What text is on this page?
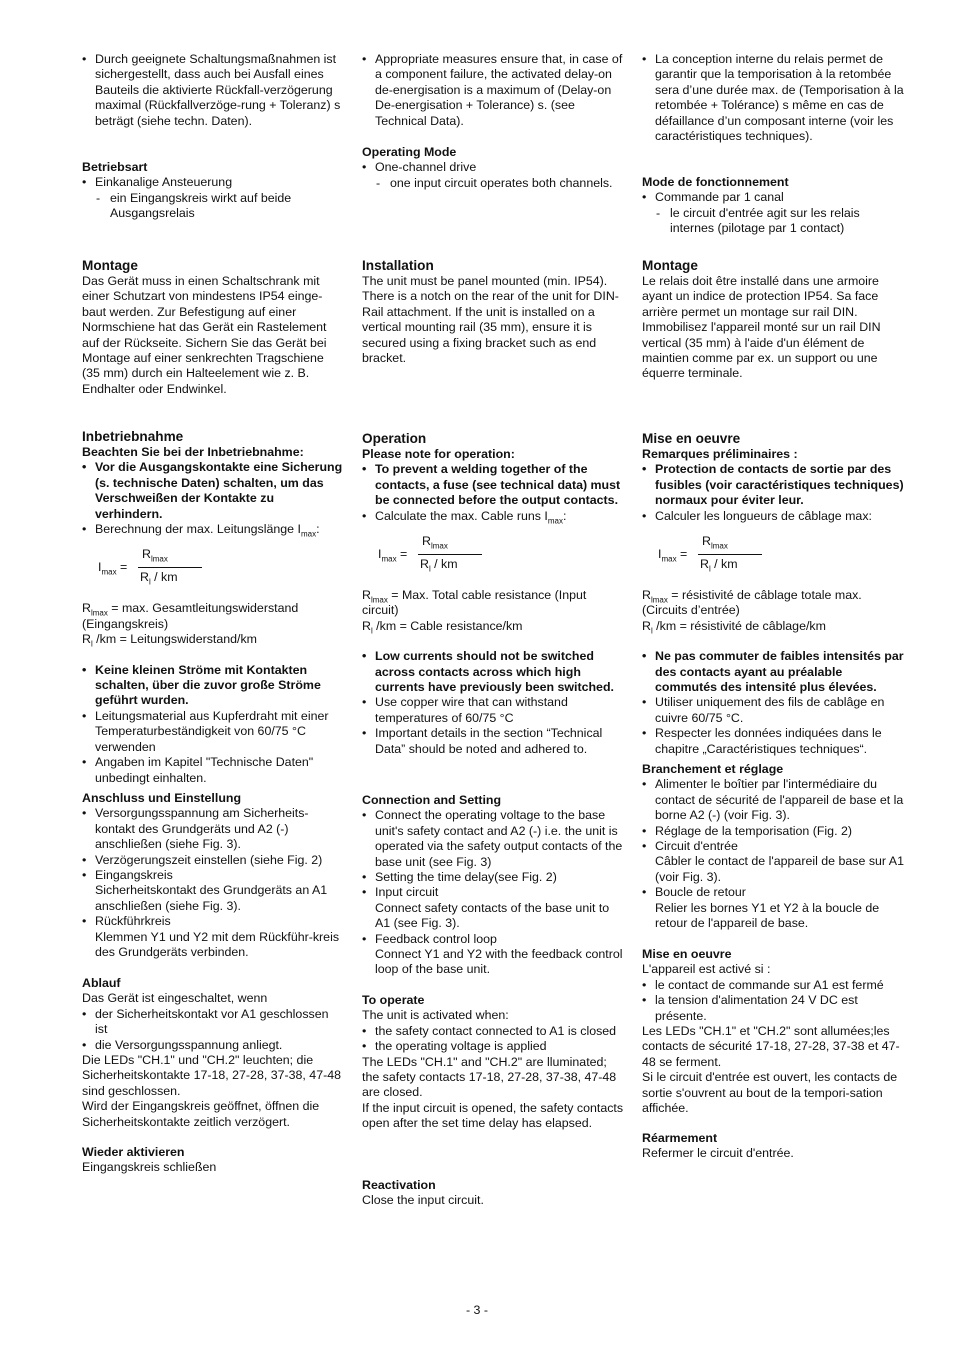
• Durch geeignete Schaltungsmaßnahmen ist sichergestellt, dass auch bei Ausfall eines Bauteils die aktivierte Rückfall-verzögerung maximal (Rückfallverzöge-rung + Toleranz) s beträgt (siehe techn. Daten).

Betriebsart

• Einkanalige Ansteuerung
- ein Eingangskreis wirkt auf beide Ausgangsrelais

Montage

Das Gerät muss in einen Schaltschrank mit einer Schutzart von mindestens IP54 einge-baut werden. Zur Befestigung auf einer Normschiene hat das Gerät ein Rastelement auf der Rückseite. Sichern Sie das Gerät bei Montage auf einer senkrechten Tragschiene (35 mm) durch ein Halteelement wie z. B. Endhalter oder Endwinkel.

Inbetriebnahme

Beachten Sie bei der Inbetriebnahme:

• Vor die Ausgangskontakte eine Sicherung (s. technische Daten) schalten, um das Verschweißen der Kontakte zu verhindern.
• Berechnung der max. Leitungslänge $I_{max}$:
$I_{max}$ =
$R_{lmax}$
$R_l$ / km

$R_{lmax} = \max$. Gesamtleitungswiderstand (Eingangskreis)

$R_l$ /km = Leitungswiderstand/km

• Keine kleinen Ströme mit Kontakten schalten, über die zuvor große Ströme geführt wurden.
• Leitungsmaterial aus Kupferdraht mit einer Temperaturbeständigkeit von 60/75 °C verwenden
• Angaben im Kapitel "Technische Daten" unbedingt einhalten.

Anschluss und Einstellung

• Versorgungsspannung am Sicherheits-kontakt des Grundgeräts und A2 (-) anschließen (siehe Fig. 3).
• Verzögerungszeit einstellen (siehe Fig. 2)
• Eingangskreis
Sicherheitskontakt des Grundgeräts an A1 anschließen (siehe Fig. 3).
• Rückführkreis
Klemmen Y1 und Y2 mit dem Rückführ-kreis des Grundgeräts verbinden.

Ablauf

Das Gerät ist eingeschaltet, wenn

• der Sicherheitskontakt vor A1 geschlossen ist
• die Versorgungsspannung anliegt.

Die LEDs "CH.1" und "CH.2" leuchten; die Sicherheitskontakte 17-18, 27-28, 37-38, 47-48 sind geschlossen.

Wird der Eingangskreis geöffnet, öffnen die Sicherheitskontakte zeitlich verzögert.

Wieder aktivieren

Eingangskreis schließen

• Appropriate measures ensure that, in case of a component failure, the activated delay-on de-energisation is a maximum of (Delay-on De-energisation + Tolerance) s. (see Technical Data).

Operating Mode

• One-channel drive
- one input circuit operates both channels.

Installation

The unit must be panel mounted (min. IP54). There is a notch on the rear of the unit for DIN-Rail attachment. If the unit is installed on a vertical mounting rail (35 mm), ensure it is secured using a fixing bracket such as end bracket.

Operation

Please note for operation:

• To prevent a welding together of the contacts, a fuse (see technical data) must be connected before the output contacts.
• Calculate the max. Cable runs $I_{max}$:
$I_{max}$ =
$R_{lmax}$
$R_l$ / km

$R_{lmax}$ = Max. Total cable resistance (Input circuit)

$R_l$ /km = Cable resistance/km

• Low currents should not be switched across contacts across which high currents have previously been switched.
• Use copper wire that can withstand temperatures of 60/75 °C
• Important details in the section “Technical Data” should be noted and adhered to.

Connection and Setting

• Connect the operating voltage to the base unit's safety contact and A2 (-) i.e. the unit is operated via the safety output contacts of the base unit (see Fig. 3)
• Setting the time delay(see Fig. 2)
• Input circuit
Connect safety contacts of the base unit to A1 (see Fig. 3).
• Feedback control loop
Connect Y1 and Y2 with the feedback control loop of the base unit.

To operate

The unit is activated when:

• the safety contact connected to A1 is closed
• the operating voltage is applied

The LEDs "CH.1" and "CH.2" are lluminated; the safety contacts 17-18, 27-28, 37-38, 47-48 are closed.

If the input circuit is opened, the safety contacts open after the set time delay has elapsed.

Reactivation

Close the input circuit.

• La conception interne du relais permet de garantir que la temporisation à la retombée sera d’une durée max. de (Temporisation à la retombée + Tolérance) s même en cas de défaillance d’un composant interne (voir les caractéristiques techniques).

Mode de fonctionnement

• Commande par 1 canal
- le circuit d'entrée agit sur les relais internes (pilotage par 1 contact)

Montage

Le relais doit être installé dans une armoire ayant un indice de protection IP54. Sa face arrière permet un montage sur rail DIN. Immobilisez l'appareil monté sur un rail DIN vertical (35 mm) à l'aide d'un élément de maintien comme par ex. un support ou une équerre terminale.

Mise en oeuvre

Remarques préliminaires :

• Protection de contacts de sortie par des fusibles (voir caractéristiques techniques) normaux pour éviter leur.
• Calculer les longueurs de câblage max:
$I_{max}$ =
$R_{lmax}$
$R_l$ / km

$R_{lmax}$ = résistivité de câblage totale max. (Circuits d’entrée)

$R_l$ /km = résistivité de câblage/km

• Ne pas commuter de faibles intensités par des contacts ayant au préalable commutés des intensité plus élevées.
• Utiliser uniquement des fils de cablâge en cuivre 60/75 °C.
• Respecter les données indiquées dans le chapitre „Caractéristiques techniques“.

Branchement et réglage

• Alimenter le boîtier par l'intermédiaire du contact de sécurité de l'appareil de base et la borne A2 (-) (voir Fig. 3).
• Réglage de la temporisation (Fig. 2)
• Circuit d'entrée
Câbler le contact de l'appareil de base sur A1 (voir Fig. 3).
• Boucle de retour
Relier les bornes Y1 et Y2 à la boucle de retour de l'appareil de base.

Mise en oeuvre

L'appareil est activé si :

• le contact de commande sur A1 est fermé
• la tension d'alimentation 24 V DC est présente.

Les LEDs "CH.1" et "CH.2" sont allumées;les contacts de sécurité 17-18, 27-28, 37-38 et 47-48 se ferment.

Si le circuit d'entrée est ouvert, les contacts de sortie s'ouvrent au bout de la tempori-sation affichée.

Réarmement

Refermer le circuit d'entrée.

- 3 -
